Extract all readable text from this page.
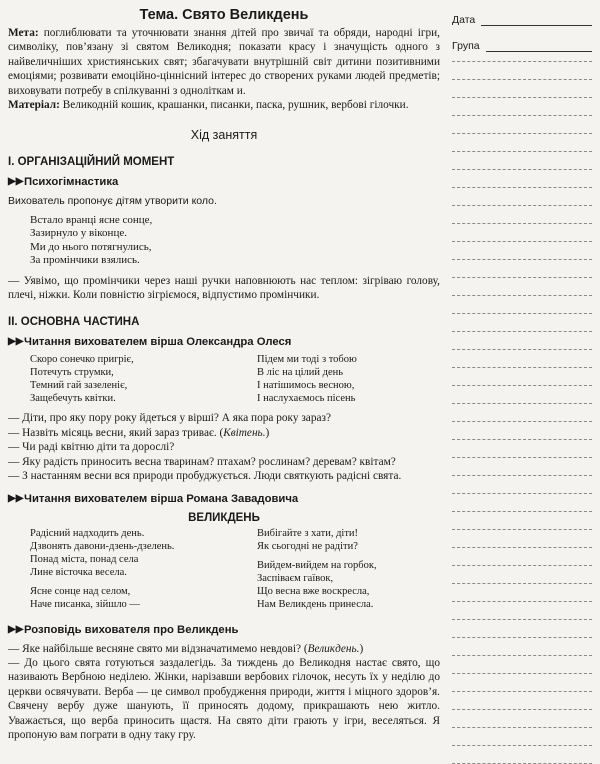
Тема. Свято Великдень

Мета: поглиблювати та уточнювати знання дітей про звичаї та обряди, народні ігри, символіку, пов’язану зі святом Великодня; показати красу і значущість одного з найвеличніших християнських свят; збагачувати внутрішній світ дитини позитивними емоціями; розвивати емоційно-ціннісний інтерес до створених руками людей предметів; виховувати потребу в спілкуванні з одноліткам и.

Матеріал: Великодній кошик, крашанки, писанки, паска, рушник, вербові гілочки.

Хід заняття
I. ОРГАНІЗАЦІЙНИЙ МОМЕНТ
▶▶ Психогімнастика
Вихователь пропонує дітям утворити коло.
Встало вранці ясне сонце,
Зазирнуло у віконце.
Ми до нього потягнулись,
За промінчики взялись.

— Уявімо, що промінчики через наші ручки наповнюють нас теплом: зігріваю голову, плечі, ніжки. Коли повністю зігріємося, відпустимо промінчики.

II. ОСНОВНА ЧАСТИНА
▶▶ Читання вихователем вірша Олександра Олеся
Скоро сонечко пригріє,
Потечуть струмки,
Темний гай зазеленіє,
Защебечуть квітки.
Підем ми тоді з тобою
В ліс на цілий день
І натішимось весною,
І наслухаємось пісень

— Діти, про яку пору року йдеться у вірші? А яка пора року зараз?

— Назвіть місяць весни, який зараз триває. (Квітень.)

— Чи раді квітню діти та дорослі?

— Яку радість приносить весна тваринам? птахам? рослинам? деревам? квітам?

— З настанням весни вся природи пробуджується. Люди святкують радісні свята.

▶▶ Читання вихователем вірша Романа Завадовича
ВЕЛИКДЕНЬ
Радісний надходить день.
Дзвонять давони-дзень-дзелень.
Понад міста, понад села
Лине вісточка весела.
Ясне сонце над селом,
Наче писанка, зійшло —
Вибігайте з хати, діти!
Як сьогодні не радіти?
Вийдем-вийдем на горбок,
Заспіваєм гаївок,
Що весна вже воскресла,
Нам Великдень принесла.
▶▶ Розповідь вихователя про Великдень

— Яке найбільше весняне свято ми відзначатимемо невдові? (Великдень.)

— До цього свята готуються заздалегідь. За тиждень до Великодня настає свято, що називають Вербною неділею. Жінки, нарізавши вербових гілочок, несуть їх у неділю до церкви освячувати. Верба — це символ пробудження природи, життя і міцного здоров’я. Свячену вербу дуже шанують, її приносять додому, прикрашають нею житло. Уважається, що верба приносить щастя. На свято діти грають у ігри, веселяться. Я пропоную вам пограти в одну таку гру.

Дата
Група
